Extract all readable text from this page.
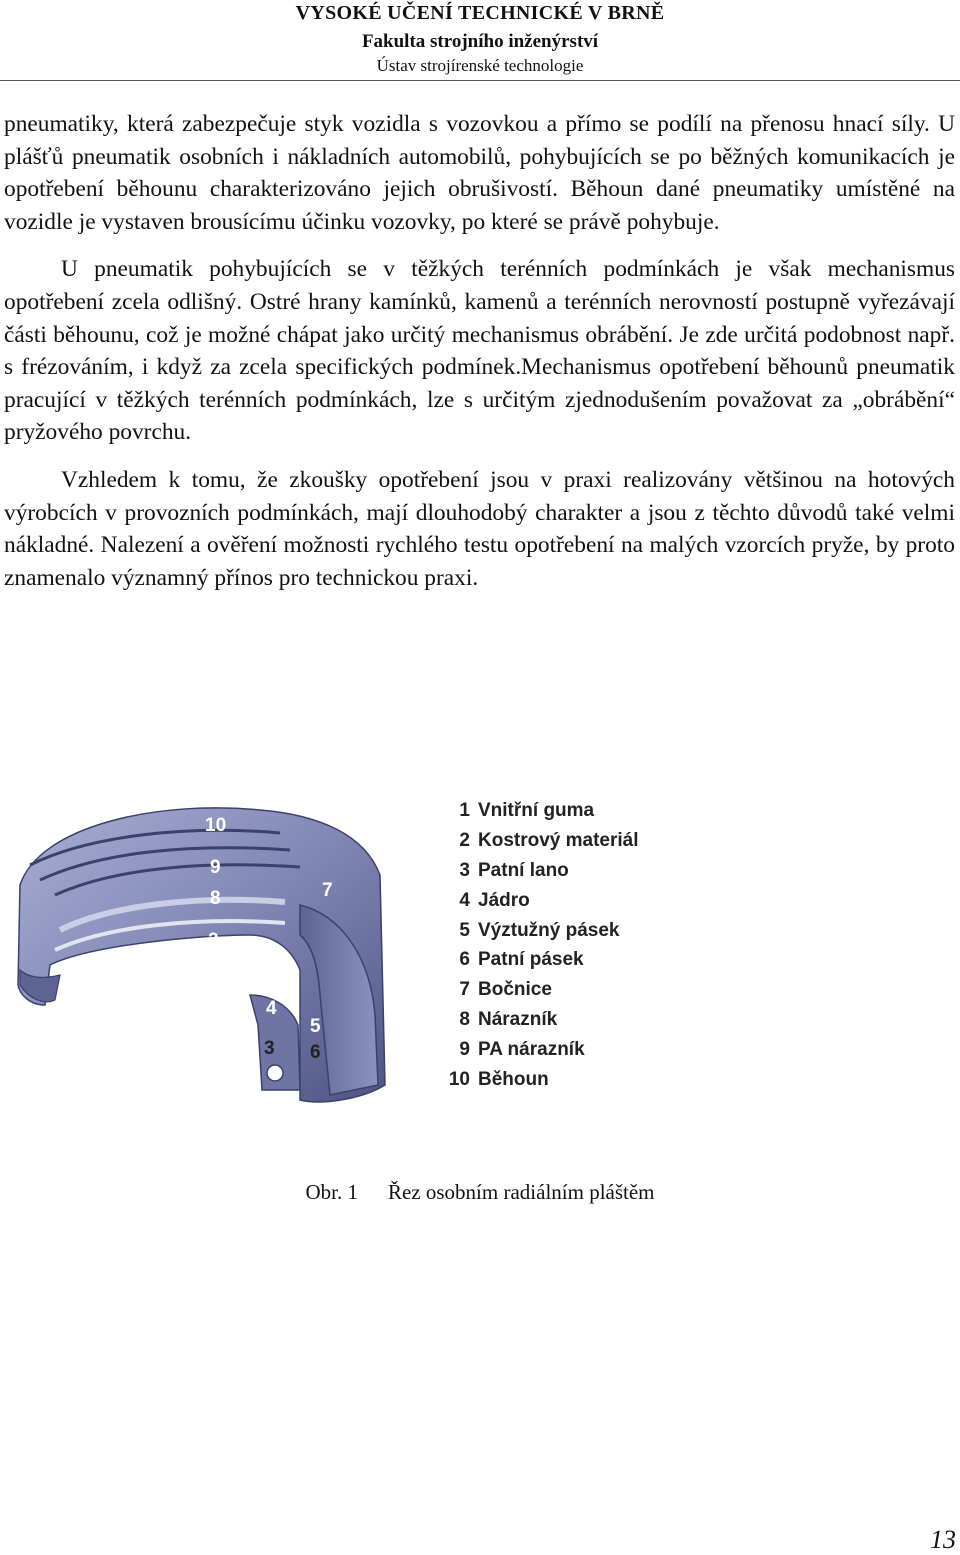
VYSOKÉ UČENÍ TECHNICKÉ V BRNĚ
Fakulta strojního inženýrství
Ústav strojírenské technologie

pneumatiky, která zabezpečuje styk vozidla s vozovkou a přímo se podílí na přenosu hnací síly. U plášťů pneumatik osobních i nákladních automobilů, pohybujících se po běžných komunikacích je opotřebení běhounu charakterizováno jejich obrušivostí. Běhoun dané pneumatiky umístěné na vozidle je vystaven brousícímu účinku vozovky, po které se právě pohybuje.

U pneumatik pohybujících se v těžkých terénních podmínkách je však mechanismus opotřebení zcela odlišný. Ostré hrany kamínků, kamenů a terénních nerovností postupně vyřezávají části běhounu, což je možné chápat jako určitý mechanismus obrábění. Je zde určitá podobnost např. s frézováním, i když za zcela specifických podmínek.Mechanismus opotřebení běhounů pneumatik pracující v těžkých terénních podmínkách, lze s určitým zjednodušením považovat za „obrábění“ pryžového povrchu.

Vzhledem k tomu, že zkoušky opotřebení jsou v praxi realizovány většinou na hotových výrobcích v provozních podmínkách, mají dlouhodobý charakter a jsou z těchto důvodů také velmi nákladné. Nalezení a ověření možnosti rychlého testu opotřebení na malých vzorcích pryže, by proto znamenalo významný přínos pro technickou praxi.

10
9
8
2
7
1
4
5
3 6
1 Vnitřní guma
2 Kostrový materiál
3 Patní lano
4 Jádro
5 Výztužný pásek
6 Patní pásek
7 Bočnice
8 Nárazník
9 PA nárazník
10 Běhoun
Obr. 1 Řez osobním radiálním pláštěm
13
